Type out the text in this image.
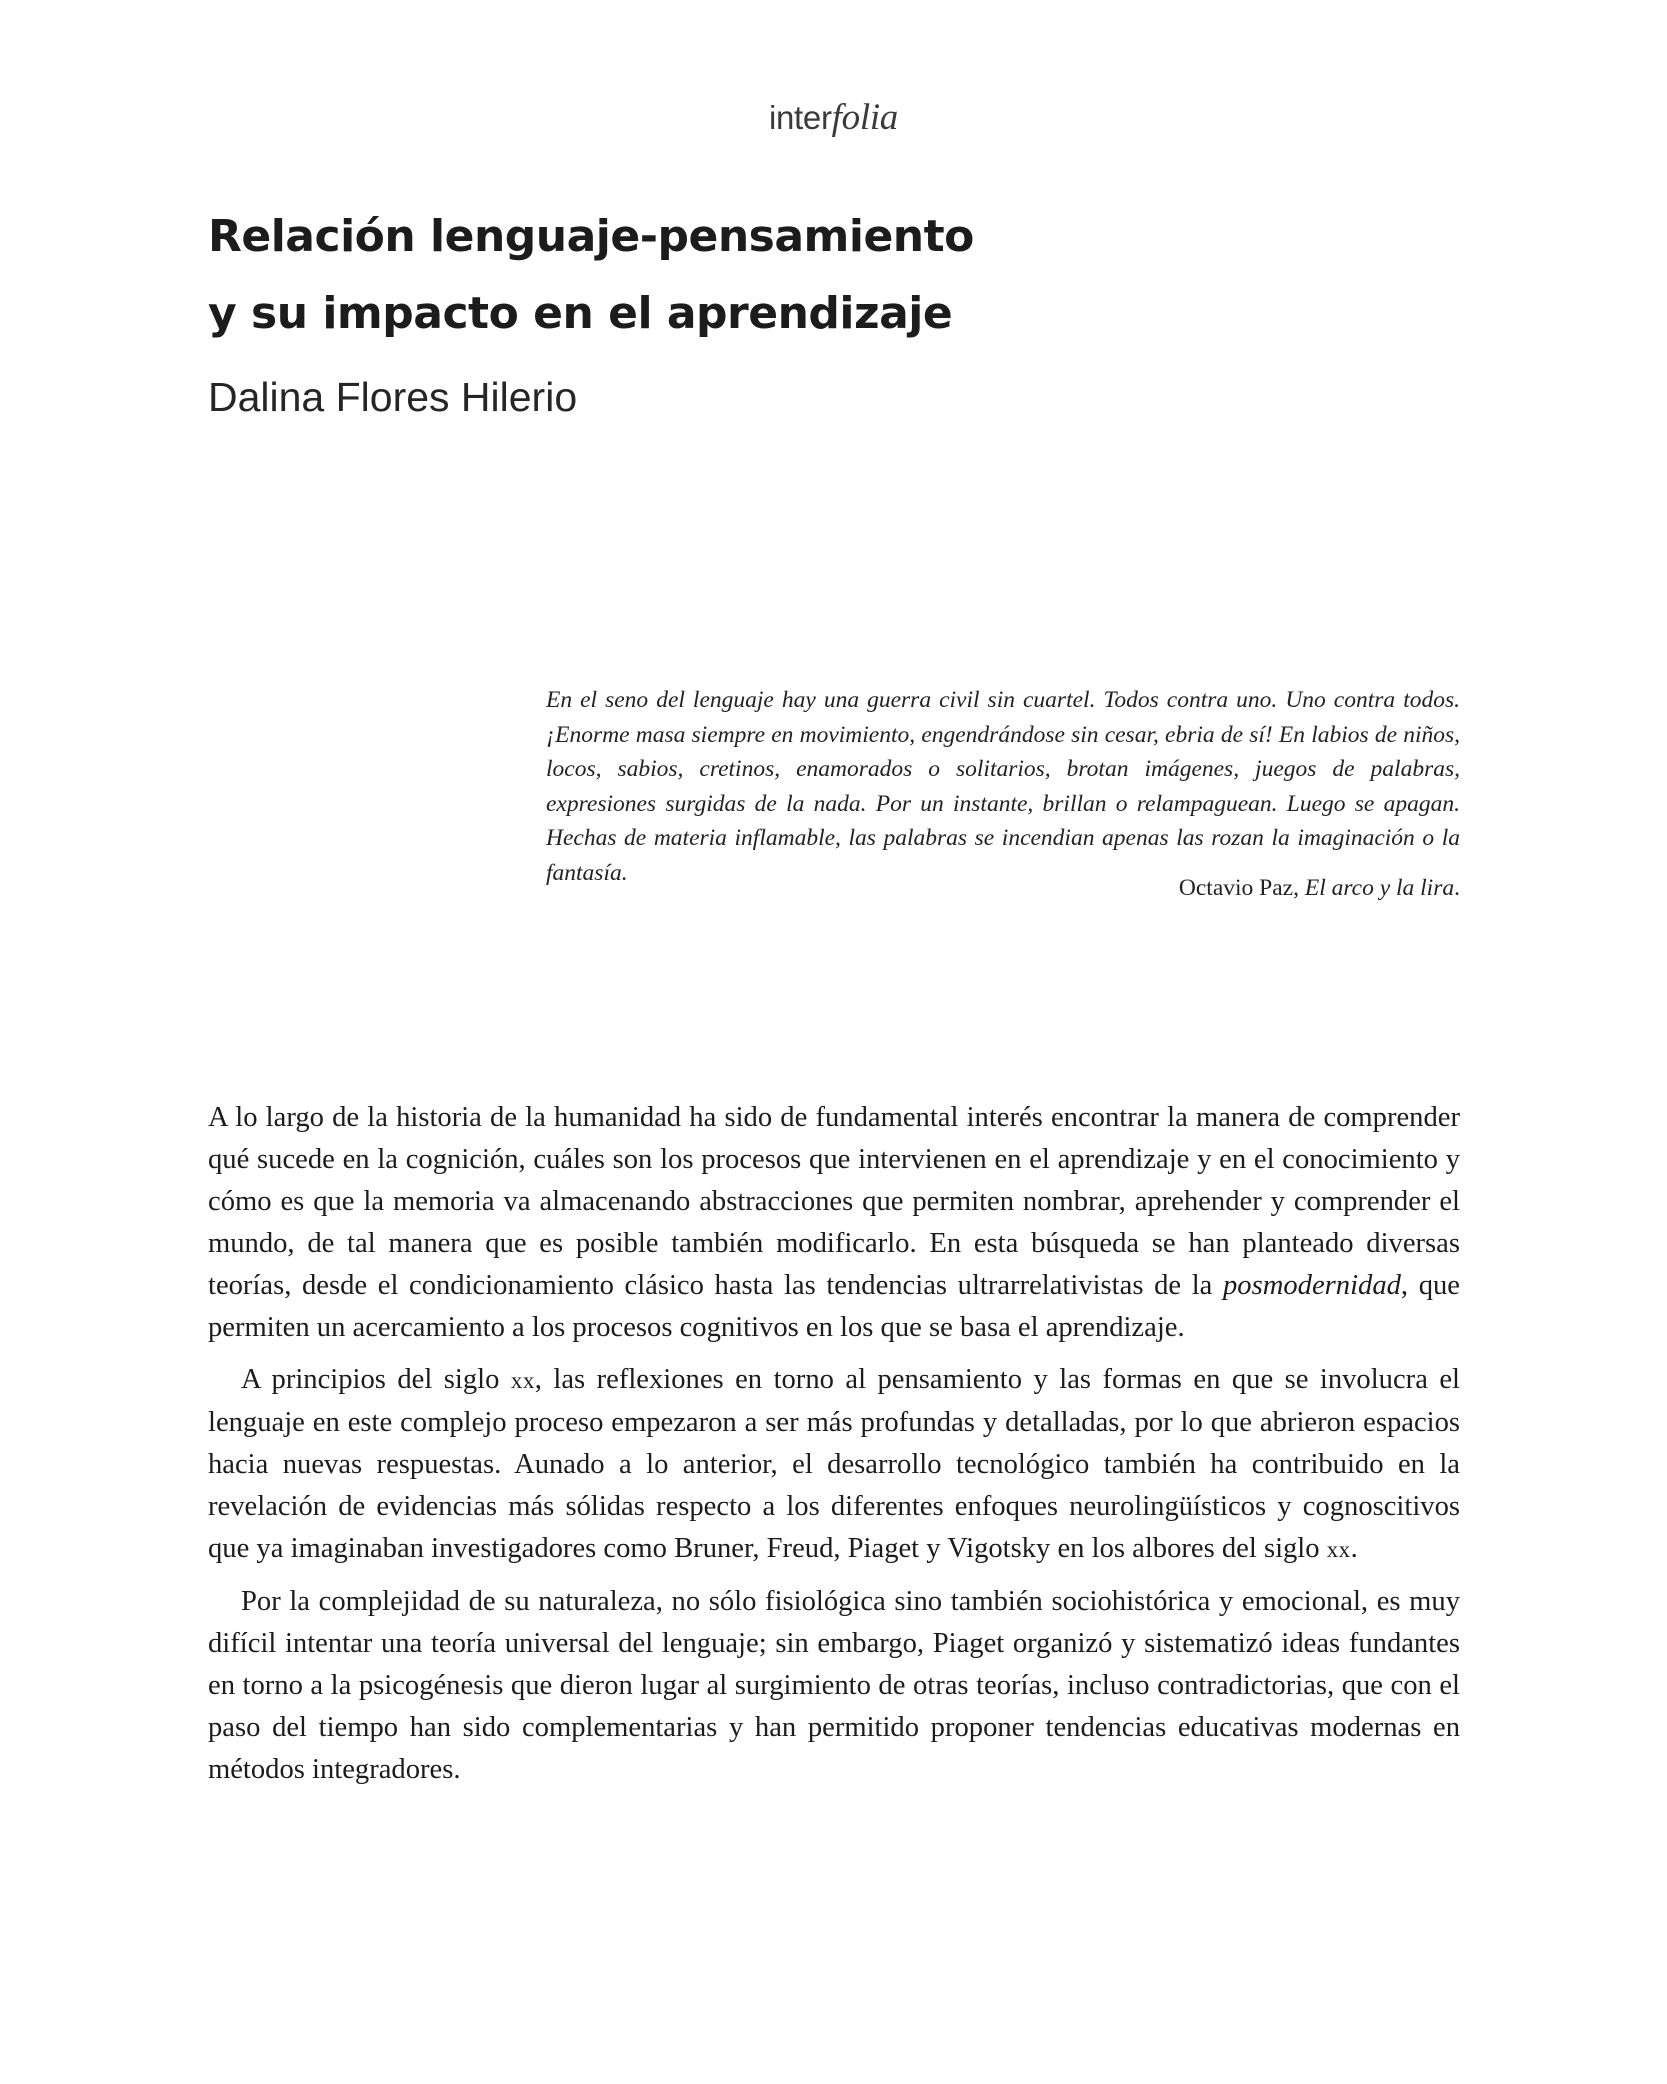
interfolia
Relación lenguaje-pensamiento
y su impacto en el aprendizaje
Dalina Flores Hilerio
En el seno del lenguaje hay una guerra civil sin cuartel. Todos contra uno. Uno contra todos. ¡Enorme masa siempre en movimiento, engendrándose sin cesar, ebria de sí! En labios de niños, locos, sabios, cretinos, enamorados o solitarios, brotan imágenes, juegos de palabras, expresiones surgidas de la nada. Por un instante, brillan o relampaguean. Luego se apagan. Hechas de materia inflamable, las palabras se incendian apenas las rozan la imaginación o la fantasía.
Octavio Paz, El arco y la lira.

A lo largo de la historia de la humanidad ha sido de fundamental interés encontrar la manera de comprender qué sucede en la cognición, cuáles son los procesos que intervienen en el aprendizaje y en el conocimiento y cómo es que la memoria va almacenando abstracciones que permiten nombrar, aprehender y comprender el mundo, de tal manera que es posible también modificarlo. En esta búsqueda se han planteado diversas teorías, desde el condicionamiento clásico hasta las tendencias ultrarrelativistas de la posmodernidad, que permiten un acercamiento a los procesos cognitivos en los que se basa el aprendizaje.

A principios del siglo xx, las reflexiones en torno al pensamiento y las formas en que se involucra el lenguaje en este complejo proceso empezaron a ser más profundas y detalladas, por lo que abrieron espacios hacia nuevas respuestas. Aunado a lo anterior, el desarrollo tecnológico también ha contribuido en la revelación de evidencias más sólidas respecto a los diferentes enfoques neurolingüísticos y cognoscitivos que ya imaginaban investigadores como Bruner, Freud, Piaget y Vigotsky en los albores del siglo xx.

Por la complejidad de su naturaleza, no sólo fisiológica sino también sociohistórica y emocional, es muy difícil intentar una teoría universal del lenguaje; sin embargo, Piaget organizó y sistematizó ideas fundantes en torno a la psicogénesis que dieron lugar al surgimiento de otras teorías, incluso contradictorias, que con el paso del tiempo han sido complementarias y han permitido proponer tendencias educativas modernas en métodos integradores.
